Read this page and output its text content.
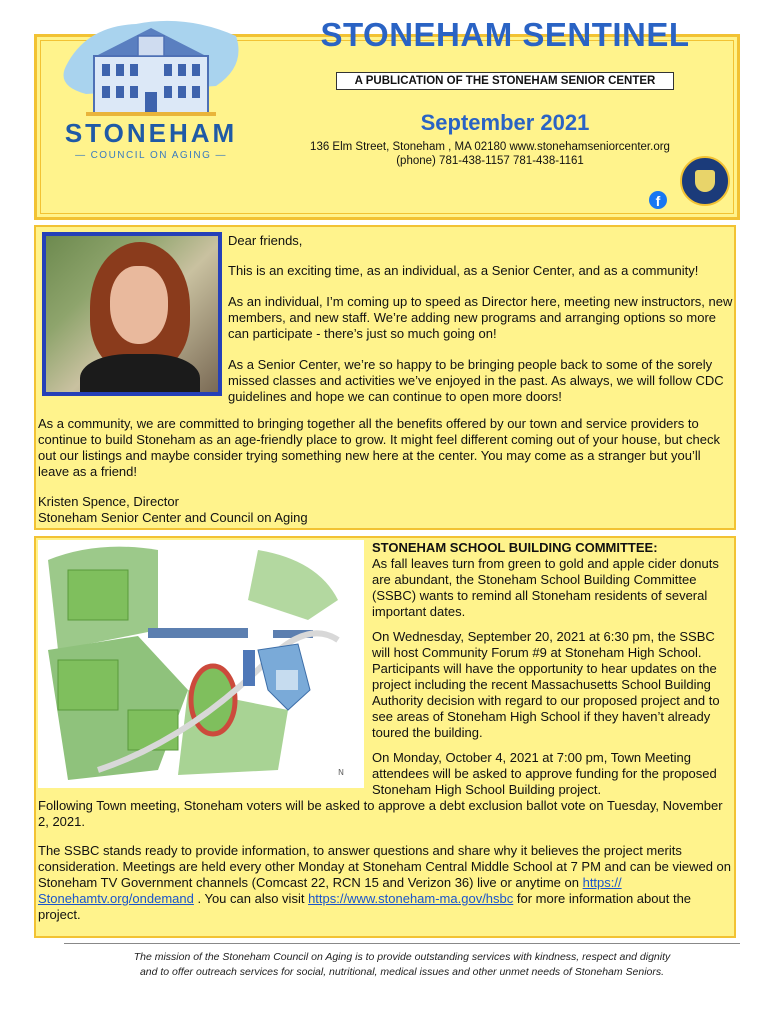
STONEHAM
— COUNCIL ON AGING —
STONEHAM SENTINEL
A PUBLICATION OF THE STONEHAM SENIOR CENTER
September 2021
136 Elm Street, Stoneham , MA 02180 www.stonehamseniorcenter.org
(phone) 781-438-1157 781-438-1161
f
Dear friends,
This is an exciting time, as an individual, as a Senior Center, and as a community!
As an individual, I’m coming up to speed as Director here, meeting new instructors, new members, and new staff. We’re adding new programs and arranging options so more can participate - there’s just so much going on!
As a Senior Center, we’re so happy to be bringing people back to some of the sorely missed classes and activities we’ve enjoyed in the past. As always, we will follow CDC guidelines and hope we can continue to open more doors!
As a community, we are committed to bringing together all the benefits offered by our town and service providers to continue to build Stoneham as an age-friendly place to grow. It might feel different coming out of your house, but check out our listings and maybe consider trying something new here at the center. You may come as a stranger but you’ll leave as a friend!
Kristen Spence, Director
Stoneham Senior Center and Council on Aging
N
STONEHAM SCHOOL BUILDING COMMITTEE:
As fall leaves turn from green to gold and apple cider donuts are abundant, the Stoneham School Building Committee (SSBC) wants to remind all Stoneham residents of several important dates.
On Wednesday, September 20, 2021 at 6:30 pm, the SSBC will host Community Forum #9 at Stoneham High School. Participants will have the opportunity to hear updates on the project including the recent Massachusetts School Building Authority decision with regard to our proposed project and to see areas of Stoneham High School if they haven’t already toured the building.
On Monday, October 4, 2021 at 7:00 pm, Town Meeting attendees will be asked to approve funding for the proposed Stoneham High School Building project.
Following Town meeting, Stoneham voters will be asked to approve a debt exclusion ballot vote on Tuesday, November 2, 2021.
The SSBC stands ready to provide information, to answer questions and share why it believes the project merits consideration. Meetings are held every other Monday at Stoneham Central Middle School at 7 PM and can be viewed on Stoneham TV Government channels (Comcast 22, RCN 15 and Verizon 36) live or anytime on https:// Stonehamtv.org/ondemand . You can also visit https://www.stoneham-ma.gov/hsbc for more information about the project.
The mission of the Stoneham Council on Aging is to provide outstanding services with kindness, respect and dignity
and to offer outreach services for social, nutritional, medical issues and other unmet needs of Stoneham Seniors.
